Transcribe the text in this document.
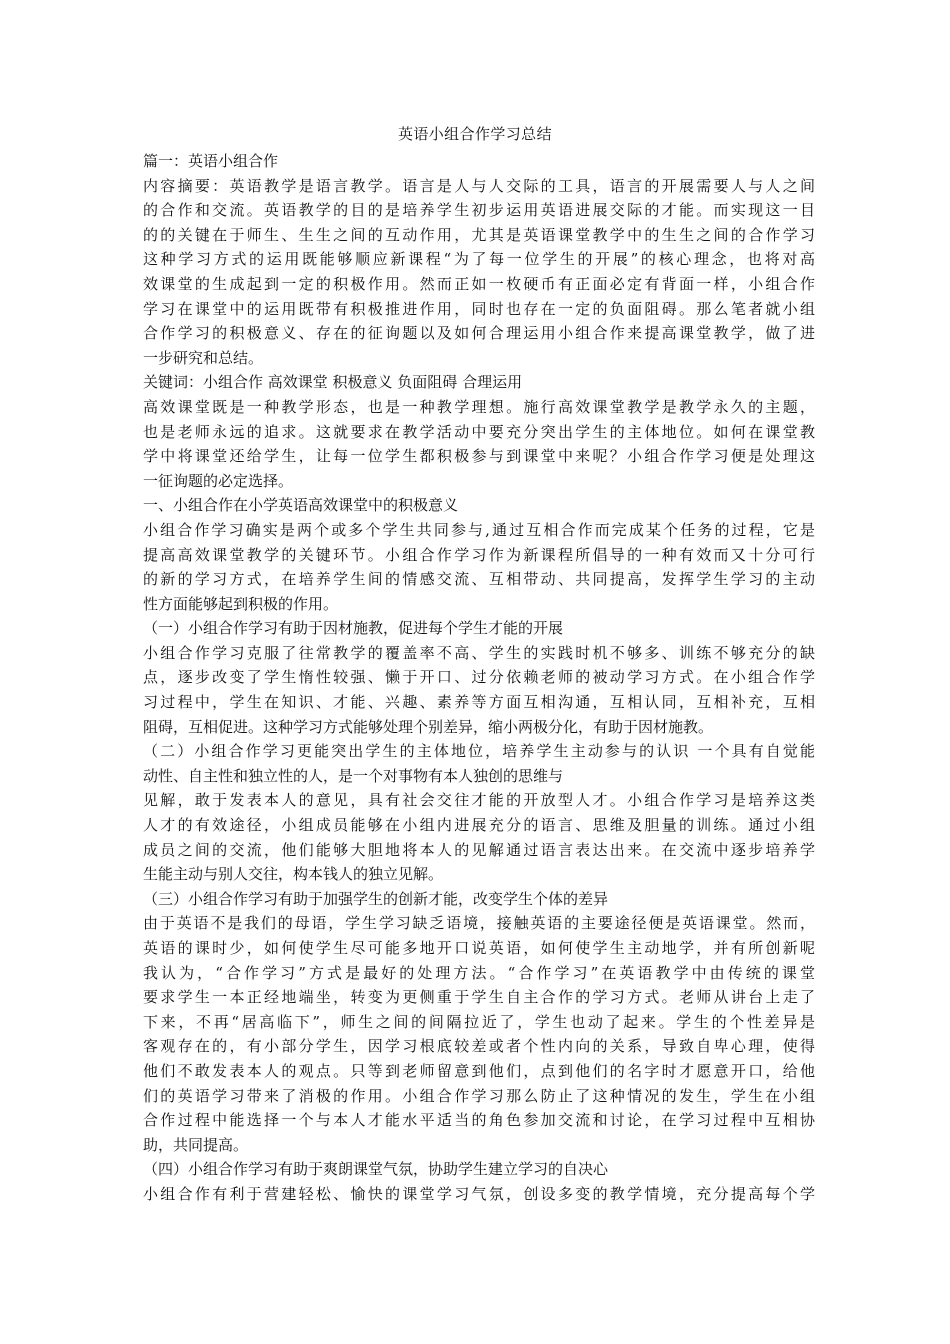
英语小组合作学习总结
篇一：英语小组合作
内容摘要：英语教学是语言教学。语言是人与人交际的工具，语言的开展需要人与人之间
的合作和交流。英语教学的目的是培养学生初步运用英语进展交际的才能。而实现这一目
的的关键在于师生、生生之间的互动作用，尤其是英语课堂教学中的生生之间的合作学习
这种学习方式的运用既能够顺应新课程“为了每一位学生的开展”的核心理念，也将对高
效课堂的生成起到一定的积极作用。然而正如一枚硬币有正面必定有背面一样，小组合作
学习在课堂中的运用既带有积极推进作用，同时也存在一定的负面阻碍。那么笔者就小组
合作学习的积极意义、存在的征询题以及如何合理运用小组合作来提高课堂教学，做了进
一步研究和总结。
关键词：小组合作 高效课堂 积极意义 负面阻碍 合理运用
高效课堂既是一种教学形态，也是一种教学理想。施行高效课堂教学是教学永久的主题，
也是老师永远的追求。这就要求在教学活动中要充分突出学生的主体地位。如何在课堂教
学中将课堂还给学生，让每一位学生都积极参与到课堂中来呢？小组合作学习便是处理这
一征询题的必定选择。
一、小组合作在小学英语高效课堂中的积极意义
小组合作学习确实是两个或多个学生共同参与,通过互相合作而完成某个任务的过程，它是
提高高效课堂教学的关键环节。小组合作学习作为新课程所倡导的一种有效而又十分可行
的新的学习方式，在培养学生间的情感交流、互相带动、共同提高，发挥学生学习的主动
性方面能够起到积极的作用。
（一）小组合作学习有助于因材施教，促进每个学生才能的开展
小组合作学习克服了往常教学的覆盖率不高、学生的实践时机不够多、训练不够充分的缺
点，逐步改变了学生惰性较强、懒于开口、过分依赖老师的被动学习方式。在小组合作学
习过程中，学生在知识、才能、兴趣、素养等方面互相沟通，互相认同，互相补充，互相
阻碍，互相促进。这种学习方式能够处理个别差异，缩小两极分化，有助于因材施教。
（二）小组合作学习更能突出学生的主体地位，培养学生主动参与的认识 一个具有自觉能
动性、自主性和独立性的人，是一个对事物有本人独创的思维与
见解，敢于发表本人的意见，具有社会交往才能的开放型人才。小组合作学习是培养这类
人才的有效途径，小组成员能够在小组内进展充分的语言、思维及胆量的训练。通过小组
成员之间的交流，他们能够大胆地将本人的见解通过语言表达出来。在交流中逐步培养学
生能主动与别人交往，构本钱人的独立见解。
（三）小组合作学习有助于加强学生的创新才能，改变学生个体的差异
由于英语不是我们的母语，学生学习缺乏语境，接触英语的主要途径便是英语课堂。然而，
英语的课时少，如何使学生尽可能多地开口说英语，如何使学生主动地学，并有所创新呢
我认为，“合作学习”方式是最好的处理方法。“合作学习”在英语教学中由传统的课堂
要求学生一本正经地端坐，转变为更侧重于学生自主合作的学习方式。老师从讲台上走了
下来，不再“居高临下”，师生之间的间隔拉近了，学生也动了起来。学生的个性差异是
客观存在的，有小部分学生，因学习根底较差或者个性内向的关系，导致自卑心理，使得
他们不敢发表本人的观点。只等到老师留意到他们，点到他们的名字时才愿意开口，给他
们的英语学习带来了消极的作用。小组合作学习那么防止了这种情况的发生，学生在小组
合作过程中能选择一个与本人才能水平适当的角色参加交流和讨论，在学习过程中互相协
助，共同提高。
（四）小组合作学习有助于爽朗课堂气氛，协助学生建立学习的自决心
小组合作有利于营建轻松、愉快的课堂学习气氛，创设多变的教学情境，充分提高每个学
